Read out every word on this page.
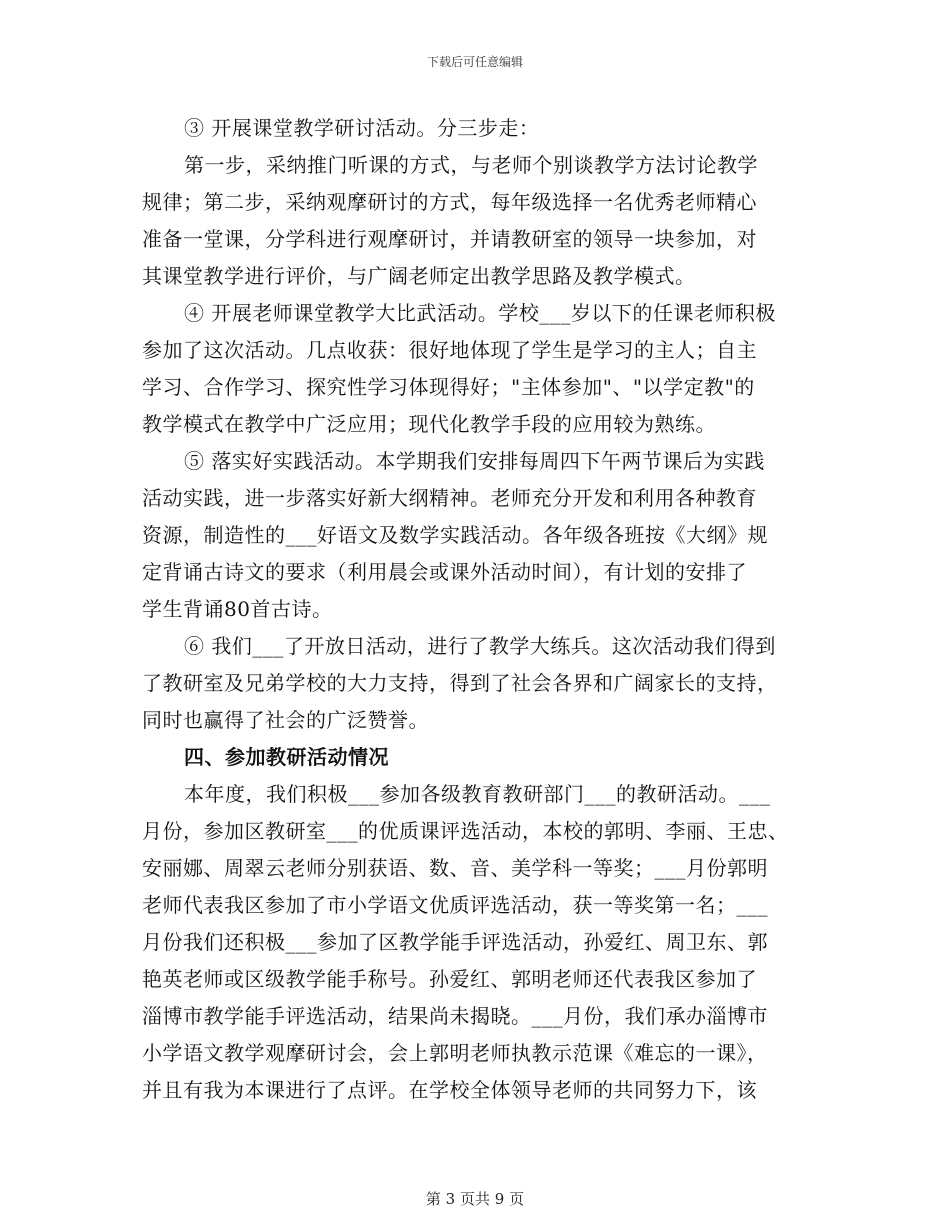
下载后可任意编辑
③ 开展课堂教学研讨活动。分三步走：
第一步，采纳推门听课的方式，与老师个别谈教学方法讨论教学
规律；第二步，采纳观摩研讨的方式，每年级选择一名优秀老师精心
准备一堂课，分学科进行观摩研讨，并请教研室的领导一块参加，对
其课堂教学进行评价，与广阔老师定出教学思路及教学模式。
④ 开展老师课堂教学大比武活动。学校___岁以下的任课老师积极
参加了这次活动。几点收获：很好地体现了学生是学习的主人；自主
学习、合作学习、探究性学习体现得好；"主体参加"、"以学定教"的
教学模式在教学中广泛应用；现代化教学手段的应用较为熟练。
⑤ 落实好实践活动。本学期我们安排每周四下午两节课后为实践
活动实践，进一步落实好新大纲精神。老师充分开发和利用各种教育
资源，制造性的___好语文及数学实践活动。各年级各班按《大纲》规
定背诵古诗文的要求（利用晨会或课外活动时间），有计划的安排了
学生背诵80首古诗。
⑥ 我们___了开放日活动，进行了教学大练兵。这次活动我们得到
了教研室及兄弟学校的大力支持，得到了社会各界和广阔家长的支持，
同时也赢得了社会的广泛赞誉。
四、参加教研活动情况
本年度，我们积极___参加各级教育教研部门___的教研活动。___
月份，参加区教研室___的优质课评选活动，本校的郭明、李丽、王忠、
安丽娜、周翠云老师分别获语、数、音、美学科一等奖；___月份郭明
老师代表我区参加了市小学语文优质评选活动，获一等奖第一名；___
月份我们还积极___参加了区教学能手评选活动，孙爱红、周卫东、郭
艳英老师或区级教学能手称号。孙爱红、郭明老师还代表我区参加了
淄博市教学能手评选活动，结果尚未揭晓。___月份，我们承办淄博市
小学语文教学观摩研讨会，会上郭明老师执教示范课《难忘的一课》，
并且有我为本课进行了点评。在学校全体领导老师的共同努力下，该
第 3 页共 9 页
